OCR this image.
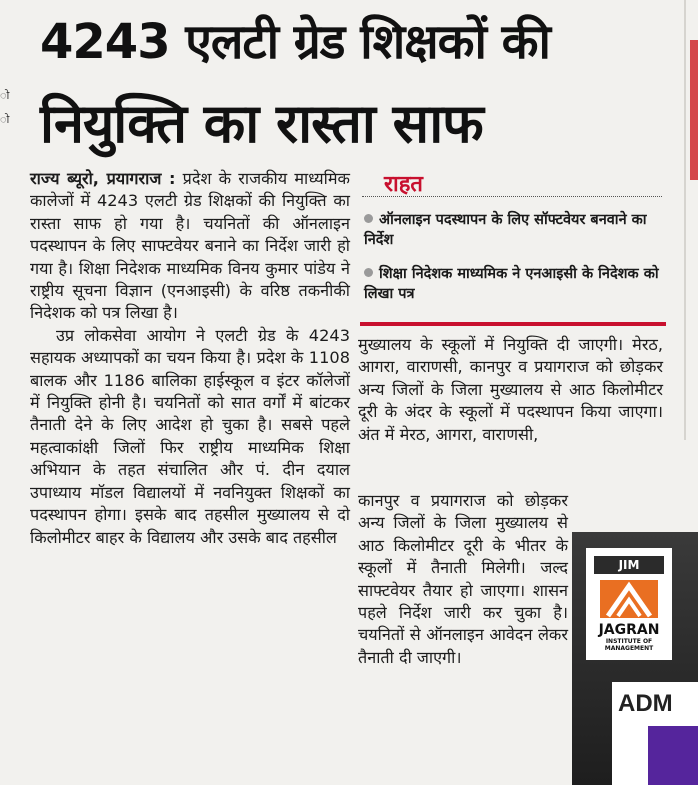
4243 एलटी ग्रेड शिक्षकों की
नियुक्ति का रास्ता साफ
ो
ो

राज्य ब्यूरो, प्रयागराज : प्रदेश के राजकीय माध्यमिक कालेजों में 4243 एलटी ग्रेड शिक्षकों की नियुक्ति का रास्ता साफ हो गया है। चयनितों की ऑनलाइन पदस्थापन के लिए साफ्टवेयर बनाने का निर्देश जारी हो गया है। शिक्षा निदेशक माध्यमिक विनय कुमार पांडेय ने राष्ट्रीय सूचना विज्ञान (एनआइसी) के वरिष्ठ तकनीकी निदेशक को पत्र लिखा है।

उप्र लोकसेवा आयोग ने एलटी ग्रेड के 4243 सहायक अध्यापकों का चयन किया है। प्रदेश के 1108 बालक और 1186 बालिका हाईस्कूल व इंटर कॉलेजों में नियुक्ति होनी है। चयनितों को सात वर्गों में बांटकर तैनाती देने के लिए आदेश हो चुका है। सबसे पहले महत्वाकांक्षी जिलों फिर राष्ट्रीय माध्यमिक शिक्षा अभियान के तहत संचालित और पं. दीन दयाल उपाध्याय मॉडल विद्यालयों में नवनियुक्त शिक्षकों का पदस्थापन होगा। इसके बाद तहसील मुख्यालय से दो किलोमीटर बाहर के विद्यालय और उसके बाद तहसील

राहत
ऑनलाइन पदस्थापन के लिए सॉफ्टवेयर बनवाने का निर्देश
शिक्षा निदेशक माध्यमिक ने एनआइसी के निदेशक को लिखा पत्र

मुख्यालय के स्कूलों में नियुक्ति दी जाएगी। मेरठ, आगरा, वाराणसी, कानपुर व प्रयागराज को छोड़कर अन्य जिलों के जिला मुख्यालय से आठ किलोमीटर दूरी के अंदर के स्कूलों में पदस्थापन किया जाएगा। अंत में मेरठ, आगरा, वाराणसी,

कानपुर व प्रयागराज को छोड़कर अन्य जिलों के जिला मुख्यालय से आठ किलोमीटर दूरी के भीतर के स्कूलों में तैनाती मिलेगी। जल्द साफ्टवेयर तैयार हो जाएगा। शासन पहले निर्देश जारी कर चुका है। चयनितों से ऑनलाइन आवेदन लेकर तैनाती दी जाएगी।

JIM
JAGRAN
INSTITUTE OF MANAGEMENT
ADM
